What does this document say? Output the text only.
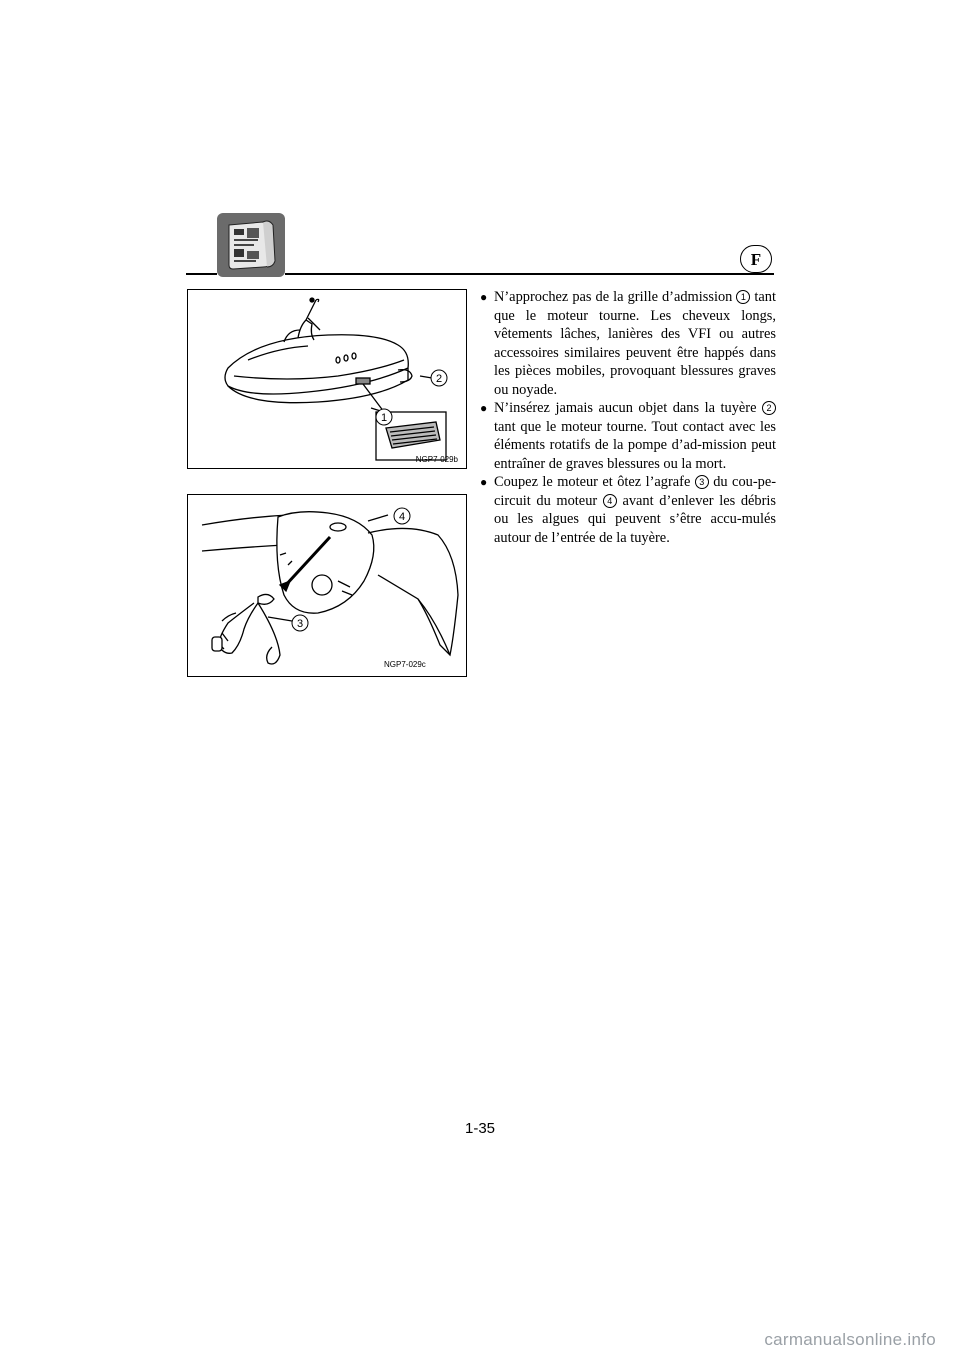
F
2
1
NGP7-029b
4
3
NGP7-029c

● N’approchez pas de la grille d’admission 1 tant que le moteur tourne. Les cheveux longs, vêtements lâches, lanières des VFI ou autres accessoires similaires peuvent être happés dans les pièces mobiles, provoquant blessures graves ou noyade.

● N’insérez jamais aucun objet dans la tuyère 2 tant que le moteur tourne. Tout contact avec les éléments rotatifs de la pompe d’ad-mission peut entraîner de graves blessures ou la mort.

● Coupez le moteur et ôtez l’agrafe 3 du cou-pe-circuit du moteur 4 avant d’enlever les débris ou les algues qui peuvent s’être accu-mulés autour de l’entrée de la tuyère.

1-35
carmanualsonline.info
